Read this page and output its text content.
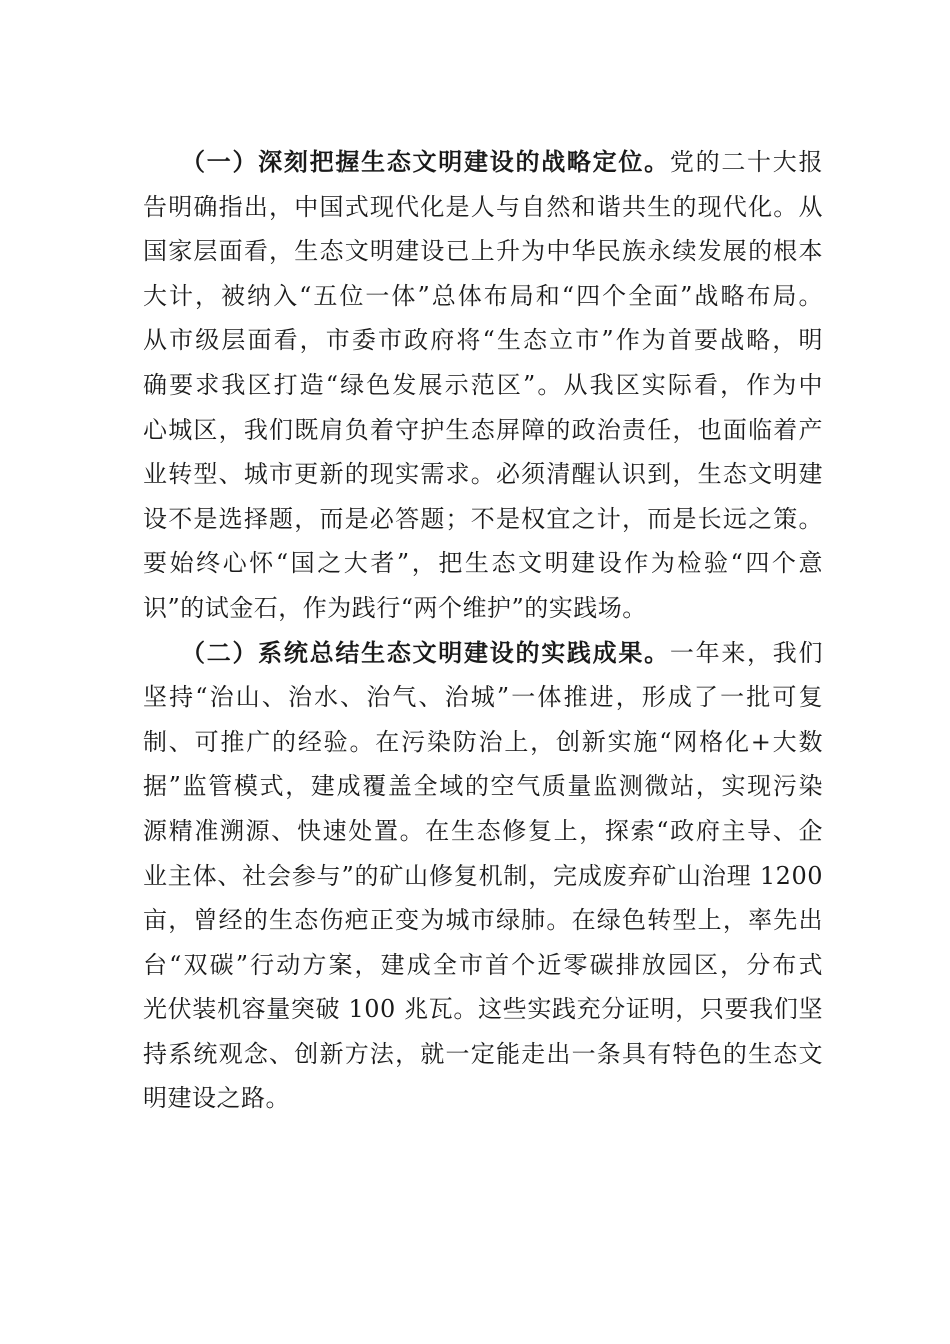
（一）深刻把握生态文明建设的战略定位。党的二十大报
告明确指出，中国式现代化是人与自然和谐共生的现代化。从
国家层面看，生态文明建设已上升为中华民族永续发展的根本
大计，被纳入“五位一体”总体布局和“四个全面”战略布局。
从市级层面看，市委市政府将“生态立市”作为首要战略，明
确要求我区打造“绿色发展示范区”。从我区实际看，作为中
心城区，我们既肩负着守护生态屏障的政治责任，也面临着产
业转型、城市更新的现实需求。必须清醒认识到，生态文明建
设不是选择题，而是必答题；不是权宜之计，而是长远之策。
要始终心怀“国之大者”，把生态文明建设作为检验“四个意
识”的试金石，作为践行“两个维护”的实践场。
（二）系统总结生态文明建设的实践成果。一年来，我们
坚持“治山、治水、治气、治城”一体推进，形成了一批可复
制、可推广的经验。在污染防治上，创新实施“网格化+大数
据”监管模式，建成覆盖全域的空气质量监测微站，实现污染
源精准溯源、快速处置。在生态修复上，探索“政府主导、企
业主体、社会参与”的矿山修复机制，完成废弃矿山治理 1200
亩，曾经的生态伤疤正变为城市绿肺。在绿色转型上，率先出
台“双碳”行动方案，建成全市首个近零碳排放园区，分布式
光伏装机容量突破 100 兆瓦。这些实践充分证明，只要我们坚
持系统观念、创新方法，就一定能走出一条具有特色的生态文
明建设之路。
